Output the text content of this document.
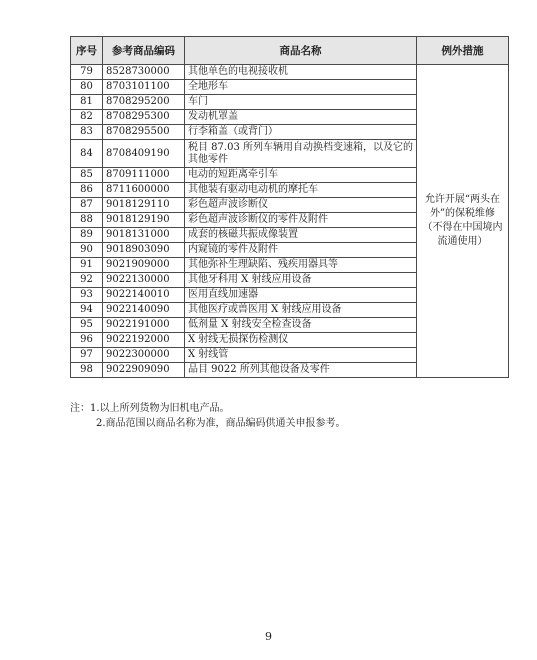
序号	参考商品编码	商品名称	例外措施
79	8528730000	其他单色的电视接收机	允许开展“两头在外”的保税维修（不得在中国境内流通使用）
80	8703101100	全地形车	
81	8708295200	车门	
82	8708295300	发动机罩盖	
83	8708295500	行李箱盖（或背门）	
84	8708409190	税目 87.03 所列车辆用自动换档变速箱，以及它的其他零件	
85	8709111000	电动的短距离牵引车	
86	8711600000	其他装有驱动电动机的摩托车	
87	9018129110	彩色超声波诊断仪	
88	9018129190	彩色超声波诊断仪的零件及附件	
89	9018131000	成套的核磁共振成像装置	
90	9018903090	内窥镜的零件及附件	
91	9021909000	其他弥补生理缺陷、残疾用器具等	
92	9022130000	其他牙科用 X 射线应用设备	
93	9022140010	医用直线加速器	
94	9022140090	其他医疗或兽医用 X 射线应用设备	
95	9022191000	低剂量 X 射线安全检查设备	
96	9022192000	X 射线无损探伤检测仪	
97	9022300000	X 射线管	
98	9022909090	品目 9022 所列其他设备及零件	
注：1.以上所列货物为旧机电产品。
2.商品范围以商品名称为准，商品编码供通关申报参考。
9
